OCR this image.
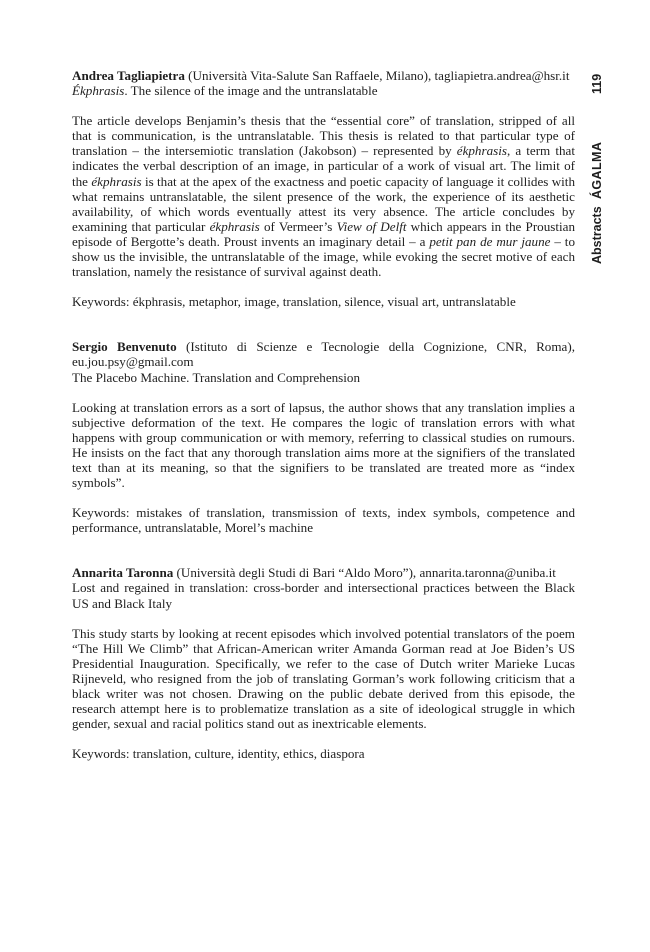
Abstracts
ÁGALMA
119

Andrea Tagliapietra (Università Vita-Salute San Raffaele, Milano), tagliapietra.andrea@hsr.it

Ékphrasis. The silence of the image and the untranslatable

The article develops Benjamin’s thesis that the “essential core” of translation, stripped of all that is communication, is the untranslatable. This thesis is related to that particular type of translation – the intersemiotic translation (Jakobson) – represented by ékphrasis, a term that indicates the verbal description of an image, in particular of a work of visual art. The limit of the ékphrasis is that at the apex of the exactness and poetic capacity of language it collides with what remains untranslatable, the silent presence of the work, the experience of its aesthetic availability, of which words eventually attest its very absence. The article concludes by examining that particular ékphrasis of Vermeer’s View of Delft which appears in the Proustian episode of Bergotte’s death. Proust invents an imaginary detail – a petit pan de mur jaune – to show us the invisible, the untranslatable of the image, while evoking the secret motive of each translation, namely the resistance of survival against death.

Keywords: ékphrasis, metaphor, image, translation, silence, visual art, untranslatable

Sergio Benvenuto (Istituto di Scienze e Tecnologie della Cognizione, CNR, Roma), eu.jou.psy@gmail.com

The Placebo Machine. Translation and Comprehension

Looking at translation errors as a sort of lapsus, the author shows that any translation implies a subjective deformation of the text. He compares the logic of translation errors with what happens with group communication or with memory, referring to classical studies on rumours. He insists on the fact that any thorough translation aims more at the signifiers of the translated text than at its meaning, so that the signifiers to be translated are treated more as “index symbols”.

Keywords: mistakes of translation, transmission of texts, index symbols, competence and performance, untranslatable, Morel’s machine

Annarita Taronna (Università degli Studi di Bari “Aldo Moro”), annarita.taronna@uniba.it

Lost and regained in translation: cross-border and intersectional practices between the Black US and Black Italy

This study starts by looking at recent episodes which involved potential translators of the poem “The Hill We Climb” that African-American writer Amanda Gorman read at Joe Biden’s US Presidential Inauguration. Specifically, we refer to the case of Dutch writer Marieke Lucas Rijneveld, who resigned from the job of translating Gorman’s work following criticism that a black writer was not chosen. Drawing on the public debate derived from this episode, the research attempt here is to problematize translation as a site of ideological struggle in which gender, sexual and racial politics stand out as inextricable elements.

Keywords: translation, culture, identity, ethics, diaspora
